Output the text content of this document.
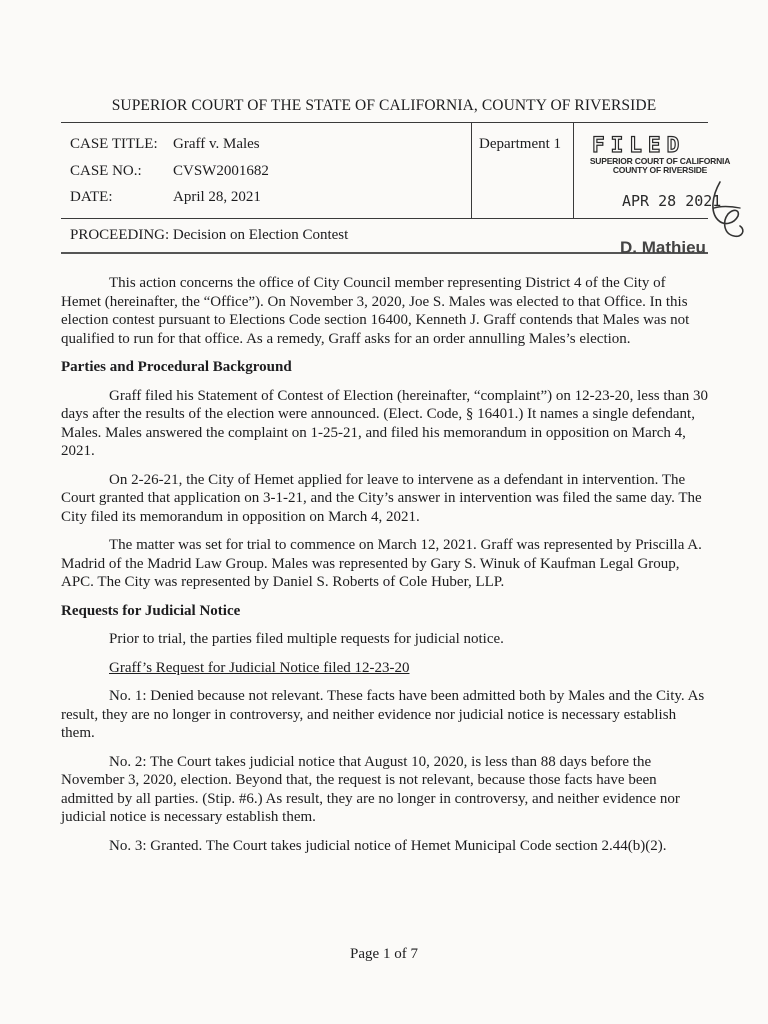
SUPERIOR COURT OF THE STATE OF CALIFORNIA, COUNTY OF RIVERSIDE
CASE TITLE: Graff v. Males
CASE NO.: CVSW2001682
DATE:	April 28, 2021
Department 1 FILED
SUPERIOR COURT OF CALIFORNIA
COUNTY OF RIVERSIDE
APR 28 2021
D. Mathieu
PROCEEDING: Decision on Election Contest

This action concerns the office of City Council member representing District 4 of the City of Hemet (hereinafter, the “Office”). On November 3, 2020, Joe S. Males was elected to that Office. In this election contest pursuant to Elections Code section 16400, Kenneth J. Graff contends that Males was not qualified to run for that office. As a remedy, Graff asks for an order annulling Males’s election.

Parties and Procedural Background

Graff filed his Statement of Contest of Election (hereinafter, “complaint”) on 12-23-20, less than 30 days after the results of the election were announced. (Elect. Code, § 16401.) It names a single defendant, Males. Males answered the complaint on 1-25-21, and filed his memorandum in opposition on March 4, 2021.

On 2-26-21, the City of Hemet applied for leave to intervene as a defendant in intervention. The Court granted that application on 3-1-21, and the City’s answer in intervention was filed the same day. The City filed its memorandum in opposition on March 4, 2021.

The matter was set for trial to commence on March 12, 2021. Graff was represented by Priscilla A. Madrid of the Madrid Law Group. Males was represented by Gary S. Winuk of Kaufman Legal Group, APC. The City was represented by Daniel S. Roberts of Cole Huber, LLP.

Requests for Judicial Notice

Prior to trial, the parties filed multiple requests for judicial notice.

Graff’s Request for Judicial Notice filed 12-23-20

No. 1: Denied because not relevant. These facts have been admitted both by Males and the City. As result, they are no longer in controversy, and neither evidence nor judicial notice is necessary establish them.

No. 2: The Court takes judicial notice that August 10, 2020, is less than 88 days before the November 3, 2020, election. Beyond that, the request is not relevant, because those facts have been admitted by all parties. (Stip. #6.) As result, they are no longer in controversy, and neither evidence nor judicial notice is necessary establish them.

No. 3: Granted. The Court takes judicial notice of Hemet Municipal Code section 2.44(b)(2).

Page 1 of 7
